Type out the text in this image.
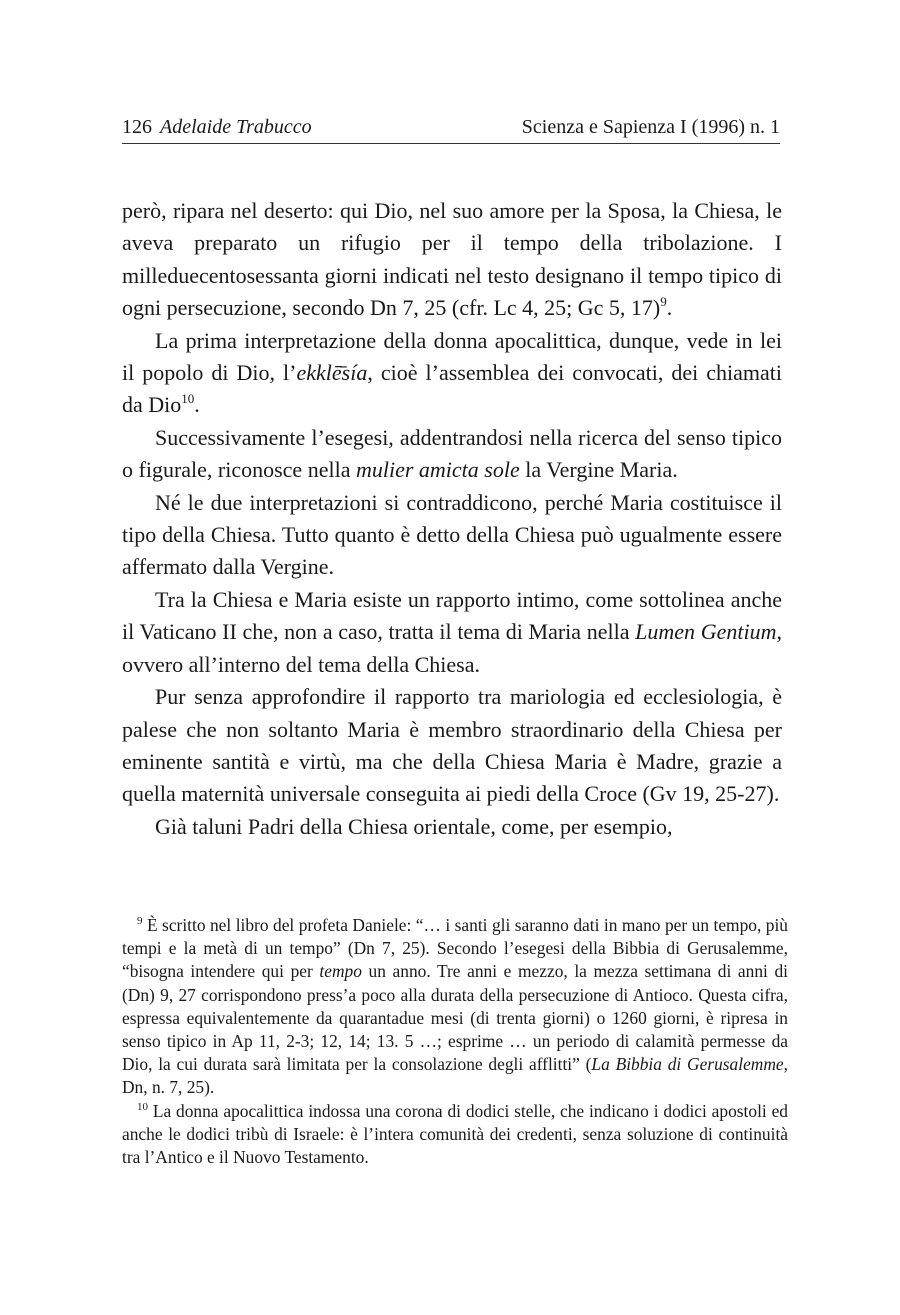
126 Adelaide Trabucco	Scienza e Sapienza I (1996) n. 1

però, ripara nel deserto: qui Dio, nel suo amore per la Sposa, la Chiesa, le aveva preparato un rifugio per il tempo della tribolazione. I milleduecentosessanta giorni indicati nel testo designano il tempo tipico di ogni persecuzione, secondo Dn 7, 25 (cfr. Lc 4, 25; Gc 5, 17)$^9$.

La prima interpretazione della donna apocalittica, dunque, vede in lei il popolo di Dio, l’ekklē̄sía, cioè l’assemblea dei convocati, dei chiamati da Dio$^{10}$.

Successivamente l’esegesi, addentrandosi nella ricerca del senso tipico o figurale, riconosce nella mulier amicta sole la Vergine Maria.

Né le due interpretazioni si contraddicono, perché Maria costituisce il tipo della Chiesa. Tutto quanto è detto della Chiesa può ugualmente essere affermato dalla Vergine.

Tra la Chiesa e Maria esiste un rapporto intimo, come sottolinea anche il Vaticano II che, non a caso, tratta il tema di Maria nella Lumen Gentium, ovvero all’interno del tema della Chiesa.

Pur senza approfondire il rapporto tra mariologia ed ecclesiologia, è palese che non soltanto Maria è membro straordinario della Chiesa per eminente santità e virtù, ma che della Chiesa Maria è Madre, grazie a quella maternità universale conseguita ai piedi della Croce (Gv 19, 25-27).

Già taluni Padri della Chiesa orientale, come, per esempio,

$^9$ È scritto nel libro del profeta Daniele: “… i santi gli saranno dati in mano per un tempo, più tempi e la metà di un tempo” (Dn 7, 25). Secondo l’esegesi della Bibbia di Gerusalemme, “bisogna intendere qui per tempo un anno. Tre anni e mezzo, la mezza settimana di anni di (Dn) 9, 27 corrispondono press’a poco alla durata della persecuzione di Antioco. Questa cifra, espressa equivalentemente da quarantadue mesi (di trenta giorni) o 1260 giorni, è ripresa in senso tipico in Ap 11, 2-3; 12, 14; 13. 5 …; esprime … un periodo di calamità permesse da Dio, la cui durata sarà limitata per la consolazione degli afflitti” (La Bibbia di Gerusalemme, Dn, n. 7, 25).

$^{10}$ La donna apocalittica indossa una corona di dodici stelle, che indicano i dodici apostoli ed anche le dodici tribù di Israele: è l’intera comunità dei credenti, senza soluzione di continuità tra l’Antico e il Nuovo Testamento.
